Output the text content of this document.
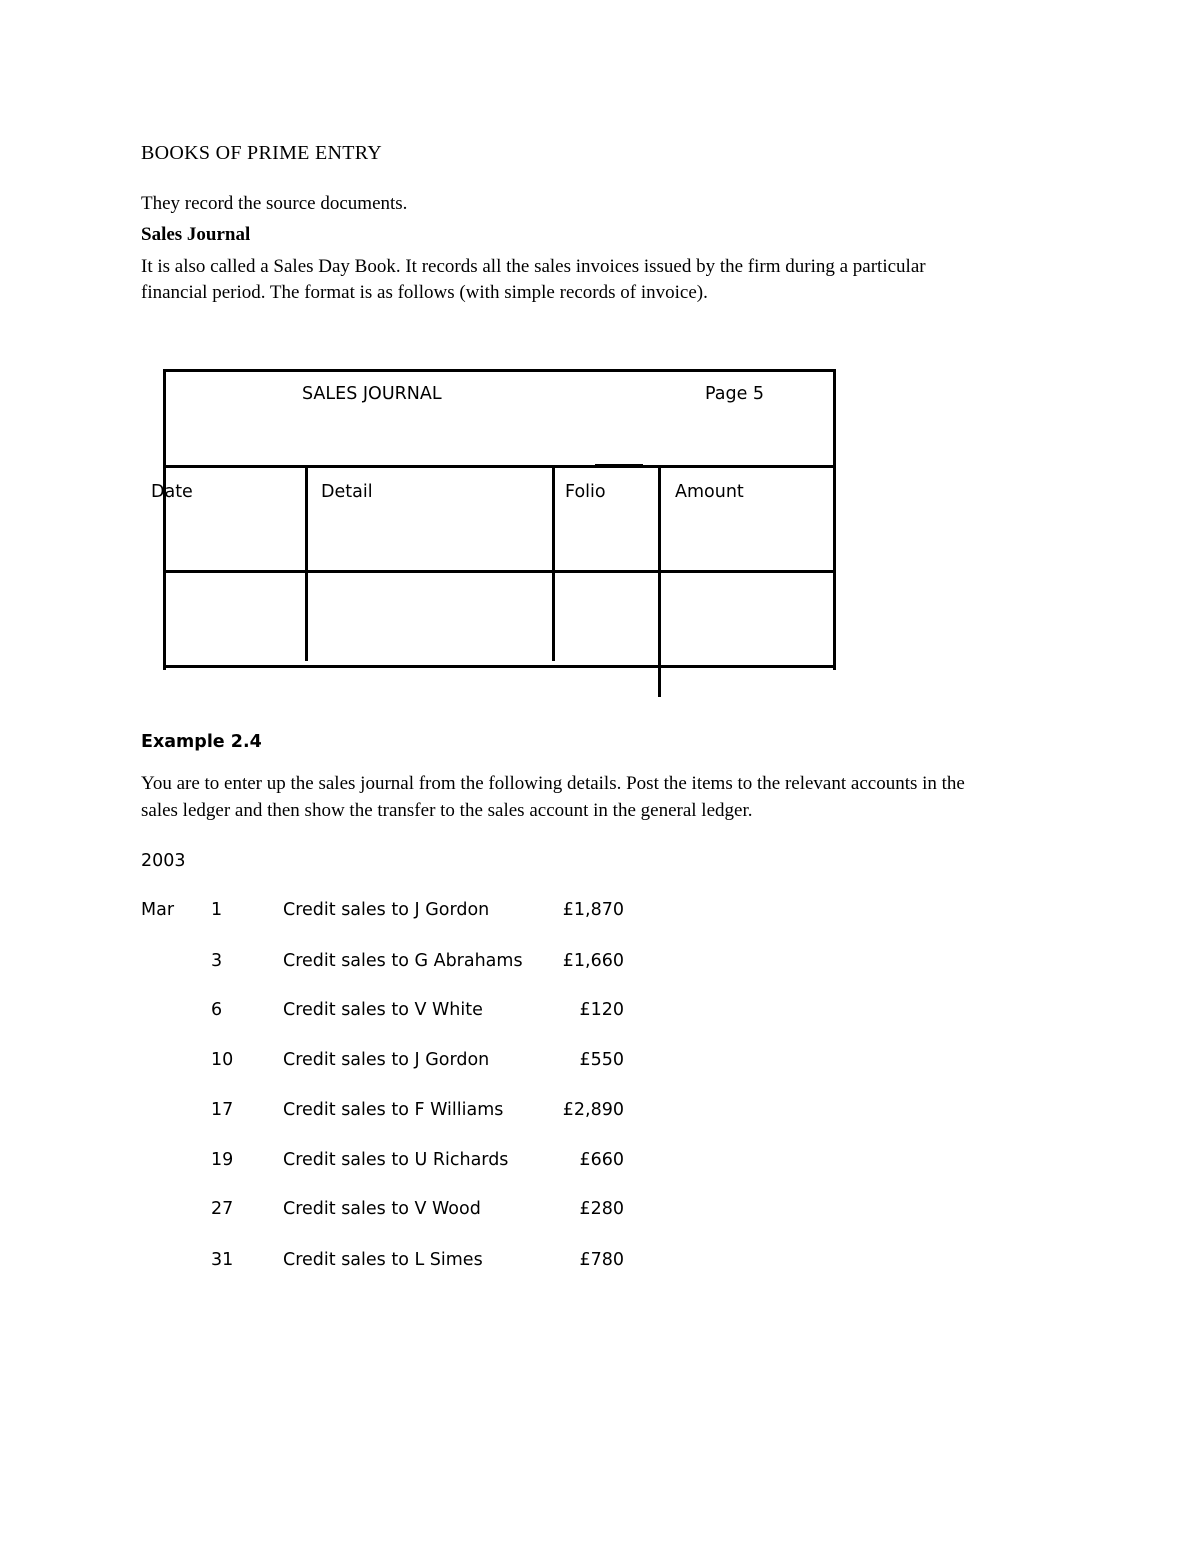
BOOKS OF PRIME ENTRY
They record the source documents.
Sales Journal
It is also called a Sales Day Book. It records all the sales invoices issued by the firm during a particular
financial period. The format is as follows (with simple records of invoice).
SALES JOURNAL	Page 5
Date	Detail	Folio	Amount
Example 2.4
You are to enter up the sales journal from the following details. Post the items to the relevant accounts in the
sales ledger and then show the transfer to the sales account in the general ledger.
2003
Mar 1	Credit sales to J Gordon	£1,870
3	Credit sales to G Abrahams £1,660
6	Credit sales to V White	£120
10	Credit sales to J Gordon	£550
17	Credit sales to F Williams	£2,890
19	Credit sales to U Richards	£660
27	Credit sales to V Wood	£280
31	Credit sales to L Simes	£780
